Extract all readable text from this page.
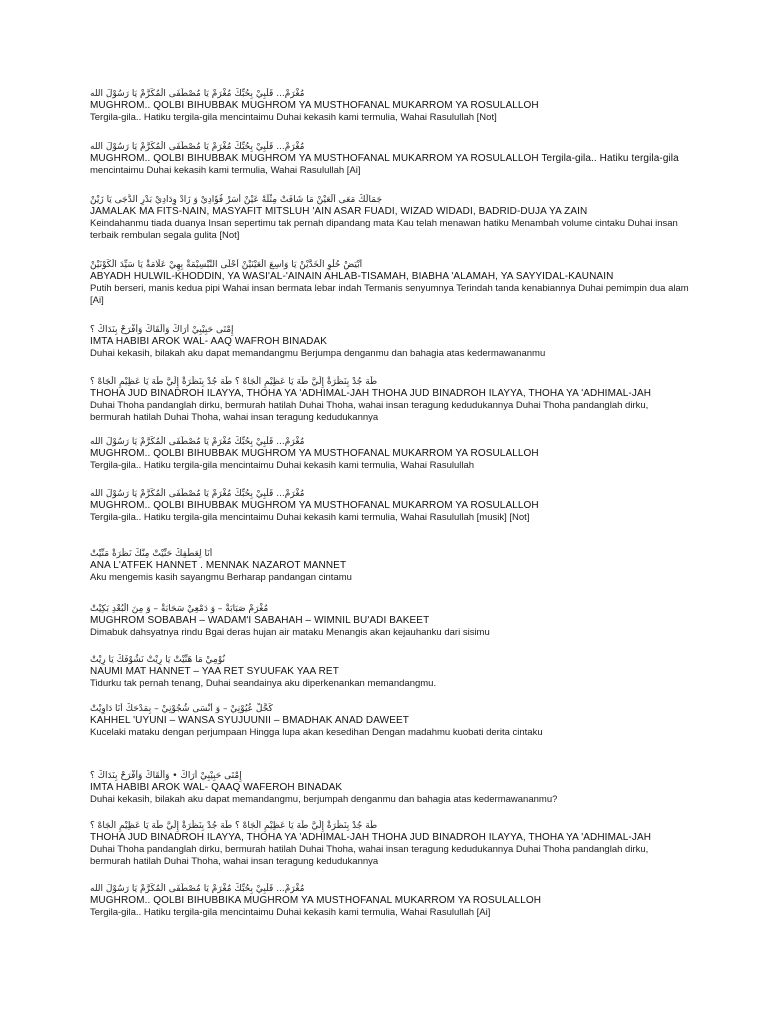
مُغْرَمْ... قَلْبِيْ بِحُبِّكْ مُغْرَمْ يَا مُصْطَفَى الْمُكَرَّمْ يَا رَسُوْلَ الله
MUGHROM.. QOLBI BIHUBBAK MUGHROM YA MUSTHOFANAL MUKARROM YA ROSULALLOH
Tergila-gila.. Hatiku tergila-gila mencintaimu Duhai kekasih kami termulia, Wahai Rasulullah [Not]
مُغْرَمْ... قَلْبِيْ بِحُبِّكْ مُغْرَمْ يَا مُصْطَفَى الْمُكَرَّمْ يَا رَسُوْلَ الله
MUGHROM.. QOLBI BIHUBBAK MUGHROM YA MUSTHOFANAL MUKARROM YA ROSULALLOH Tergila-gila.. Hatiku tergila-gila
mencintaimu Duhai kekasih kami termulia, Wahai Rasulullah [Ai]
جَمَالَكْ مَعَى اَلْعَيْنْ مَا شَافَتْ مِثْلَهْ عَيْنْ أَسَرْ فُؤَادِيْ وَ زَادْ وِدَادِيْ بَدْرِ الدُّجَى يَا زَيْنْ
JAMALAK MA FITS-NAIN, MASYAFIT MITSLUH 'AIN ASAR FUADI, WIZAD WIDADI, BADRID-DUJA YA ZAIN
Keindahanmu tiada duanya Insan sepertimu tak pernah dipandang mata Kau telah menawan hatiku Menambah volume cintaku Duhai insan terbaik rembulan segala gulita [Not]
اَبْيَضْ حُلْوِ الْخَدَّيْنْ يَا وَاسِعَ الْعَيْنَيْنْ أَحْلَى التَّبْسِيْمَةْ بِهِيْ عَلَامَةْ يَا سَيِّدَ الْكَوْنَيْنْ
ABYADH HULWIL-KHODDIN, YA WASI'AL-'AINAIN AHLAB-TISAMAH, BIABHA 'ALAMAH, YA SAYYIDAL-KAUNAIN
Putih berseri, manis kedua pipi Wahai insan bermata lebar indah Termanis senyumnya Terindah tanda kenabiannya Duhai pemimpin dua alam [Ai]
إِمْتَى حَبِيْبِيْ أَرَاكْ وَأَلْقَاكْ وَأَفْرَحْ بِنَدَاكْ ؟
IMTA HABIBI AROK WAL- AAQ WAFROH BINADAK
Duhai kekasih, bilakah aku dapat memandangmu Berjumpa denganmu dan bahagia atas kedermawananmu
طَهَ جُدْ بِنَظْرَةْ إِلَيَّ طَهَ يَا عَظِيْمِ الْجَاهْ ؟ طَهَ جُدْ بِنَظْرَةْ إِلَيَّ طَهَ يَا عَظِيْمِ الْجَاهْ ؟
THOHA JUD BINADROH ILAYYA, THOHA YA 'ADHIMAL-JAH THOHA JUD BINADROH ILAYYA, THOHA YA 'ADHIMAL-JAH
Duhai Thoha pandanglah dirku, bermurah hatilah Duhai Thoha, wahai insan teragung kedudukannya Duhai Thoha pandanglah dirku, bermurah hatilah Duhai Thoha, wahai insan teragung kedudukannya
مُغْرَمْ... قَلْبِيْ بِحُبِّكْ مُغْرَمْ يَا مُصْطَفَى الْمُكَرَّمْ يَا رَسُوْلَ الله
MUGHROM.. QOLBI BIHUBBAK MUGHROM YA MUSTHOFANAL MUKARROM YA ROSULALLOH
Tergila-gila.. Hatiku tergila-gila mencintaimu Duhai kekasih kami termulia, Wahai Rasulullah
مُغْرَمْ... قَلْبِيْ بِحُبِّكْ مُغْرَمْ يَا مُصْطَفَى الْمُكَرَّمْ يَا رَسُوْلَ الله
MUGHROM.. QOLBI BIHUBBAK MUGHROM YA MUSTHOFANAL MUKARROM YA ROSULALLOH
Tergila-gila.. Hatiku tergila-gila mencintaimu Duhai kekasih kami termulia, Wahai Rasulullah [musik] [Not]
أَنَا لِعَطْفِكْ حَنِّيْتْ مِنَّكْ نَظْرَةْ مَنِّيْتْ
ANA L'ATFEK HANNET . MENNAK NAZAROT MANNET
Aku mengemis kasih sayangmu Berharap pandangan cintamu
مُغْرَمْ صَبَابَةْ – وَ دَمْعِيْ سَحَابَةْ – وَ مِنَ الْبُعْدِ بَكِيْتْ
MUGHROM SOBABAH – WADAM'I SABAHAH – WIMNIL BU'ADI BAKEET
Dimabuk dahsyatnya rindu Bgai deras hujan air mataku Menangis akan kejauhanku dari sisimu
نُوْمِيْ مَا هَنِّيْتْ يَا رِيْتْ نَشُوْفَكْ يَا رِيْتْ
NAUMI MAT HANNET – YAA RET SYUUFAK YAA RET
Tidurku tak pernah tenang, Duhai seandainya aku diperkenankan memandangmu.
كَحَّلْ عُيُوْنِيْ – وَ أَنْسَى شُجُوْنِيْ – بِمَدْحَكْ أَنَا دَاوِيْتْ
KAHHEL 'UYUNI – WANSA SYUJUUNII – BMADHAK ANAD DAWEET
Kucelaki mataku dengan perjumpaan Hingga lupa akan kesedihan Dengan madahmu kuobati derita cintaku
إِمْتَى حَبِيْبِيْ أَرَاكْ • وَأَلْقَاكْ وَأَفْرَحْ بِنَدَاكْ ؟
IMTA HABIBI AROK WAL- QAAQ WAFEROH BINADAK
Duhai kekasih, bilakah aku dapat memandangmu, berjumpah denganmu dan bahagia atas kedermawananmu?
طَهَ جُدْ بِنَظْرَةْ إِلَيَّ طَهَ يَا عَظِيْمِ الْجَاهْ ؟ طَهَ جُدْ بِنَظْرَةْ إِلَيَّ طَهَ يَا عَظِيْمِ الْجَاهْ ؟
THOHA JUD BINADROH ILAYYA, THOHA YA 'ADHIMAL-JAH THOHA JUD BINADROH ILAYYA, THOHA YA 'ADHIMAL-JAH
Duhai Thoha pandanglah dirku, bermurah hatilah Duhai Thoha, wahai insan teragung kedudukannya Duhai Thoha pandanglah dirku, bermurah hatilah Duhai Thoha, wahai insan teragung kedudukannya
مُغْرَمْ... قَلْبِيْ بِحُبِّكْ مُغْرَمْ يَا مُصْطَفَى الْمُكَرَّمْ يَا رَسُوْلَ الله
MUGHROM.. QOLBI BIHUBBIKA MUGHROM YA MUSTHOFANAL MUKARROM YA ROSULALLOH
Tergila-gila.. Hatiku tergila-gila mencintaimu Duhai kekasih kami termulia, Wahai Rasulullah [Ai]
